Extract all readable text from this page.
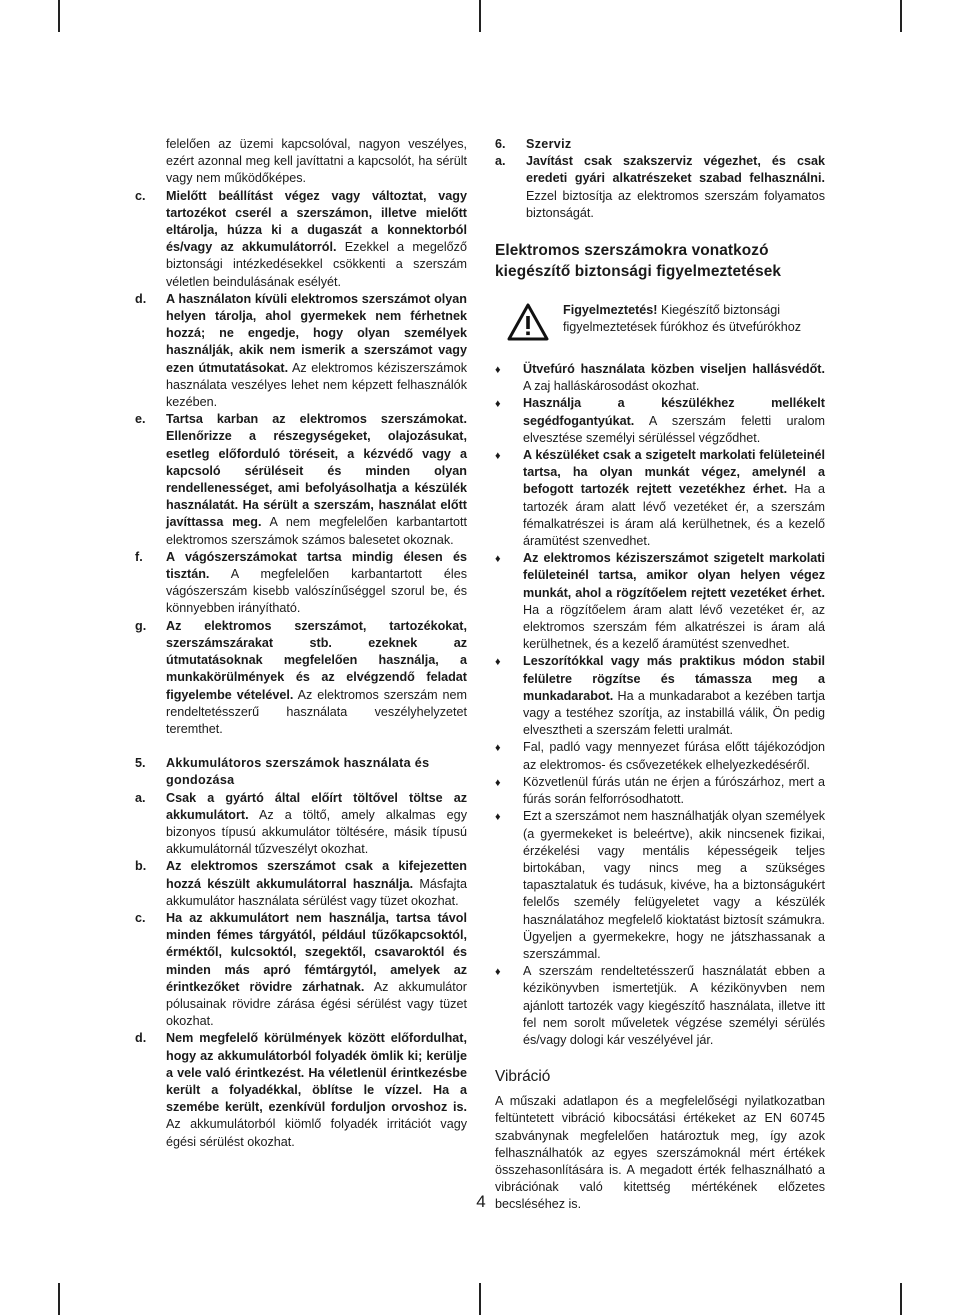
felelően az üzemi kapcsolóval, nagyon veszélyes, ezért azonnal meg kell javíttatni a kapcsolót, ha sérült vagy nem működőképes.
c.	Mielőtt beállítást végez vagy változtat, vagy tartozékot cserél a szerszámon, illetve mielőtt eltárolja, húzza ki a dugaszát a konnektorból és/vagy az akkumulátorról. Ezekkel a megelőző biztonsági intézkedésekkel csökkenti a szerszám véletlen beindulásának esélyét.
d.	A használaton kívüli elektromos szerszámot olyan helyen tárolja, ahol gyermekek nem férhetnek hozzá; ne engedje, hogy olyan személyek használják, akik nem ismerik a szerszámot vagy ezen útmutatásokat. Az elektromos kéziszerszámok használata veszélyes lehet nem képzett felhasználók kezében.
e.	Tartsa karban az elektromos szerszámokat. Ellenőrizze a részegységeket, olajozásukat, esetleg előforduló töréseit, a kézvédő vagy a kapcsoló sérüléseit és minden olyan rendellenességet, ami befolyásolhatja a készülék használatát. Ha sérült a szerszám, használat előtt javíttassa meg. A nem megfelelően karbantartott elektromos szerszámok számos balesetet okoznak.
f.	A vágószerszámokat tartsa mindig élesen és tisztán. A megfelelően karbantartott éles vágószerszám kisebb valószínűséggel szorul be, és könnyebben irányítható.
g.	Az elektromos szerszámot, tartozékokat, szerszámszárakat stb. ezeknek az útmutatásoknak megfelelően használja, a munkakörülmények és az elvégzendő feladat figyelembe vételével. Az elektromos szerszám nem rendeltetésszerű használata veszélyhelyzetet teremthet.
5.	Akkumulátoros szerszámok használata és gondozása
a.	Csak a gyártó által előírt töltővel töltse az akkumulátort. Az a töltő, amely alkalmas egy bizonyos típusú akkumulátor töltésére, másik típusú akkumulátornál tűzveszélyt okozhat.
b.	Az elektromos szerszámot csak a kifejezetten hozzá készült akkumulátorral használja. Másfajta akkumulátor használata sérülést vagy tüzet okozhat.
c.	Ha az akkumulátort nem használja, tartsa távol minden fémes tárgyától, például tűzőkapcsoktól, érméktől, kulcsoktól, szegektől, csavaroktól és minden más apró fémtárgytól, amelyek az érintkezőket rövidre zárhatnak. Az akkumulátor pólusainak rövidre zárása égési sérülést vagy tüzet okozhat.
d.	Nem megfelelő körülmények között előfordulhat, hogy az akkumulátorból folyadék ömlik ki; kerülje a vele való érintkezést. Ha véletlenül érintkezésbe került a folyadékkal, öblítse le vízzel. Ha a szemébe került, ezenkívül forduljon orvoshoz is. Az akkumulátorból kiömlő folyadék irritációt vagy égési sérülést okozhat.
6.	Szerviz
a.	Javítást csak szakszerviz végezhet, és csak eredeti gyári alkatrészeket szabad felhasználni. Ezzel biztosítja az elektromos szerszám folyamatos biztonságát.
Elektromos szerszámokra vonatkozó kiegészítő biztonsági figyelmeztetések
Figyelmeztetés! Kiegészítő biztonsági figyelmeztetések fúrókhoz és ütvefúrókhoz
♦	Ütvefúró használata közben viseljen hallásvédőt. A zaj halláskárosodást okozhat.
♦	Használja a készülékhez mellékelt segédfogantyúkat. A szerszám feletti uralom elvesztése személyi sérüléssel végződhet.
♦	A készüléket csak a szigetelt markolati felületeinél tartsa, ha olyan munkát végez, amelynél a befogott tartozék rejtett vezetékhez érhet. Ha a tartozék áram alatt lévő vezetéket ér, a szerszám fémalkatrészei is áram alá kerülhetnek, és a kezelő áramütést szenvedhet.
♦	Az elektromos kéziszerszámot szigetelt markolati felületeinél tartsa, amikor olyan helyen végez munkát, ahol a rögzítőelem rejtett vezetéket érhet. Ha a rögzítőelem áram alatt lévő vezetéket ér, az elektromos szerszám fém alkatrészei is áram alá kerülhetnek, és a kezelő áramütést szenvedhet.
♦	Leszorítókkal vagy más praktikus módon stabil felületre rögzítse és támassza meg a munkadarabot. Ha a munkadarabot a kezében tartja vagy a testéhez szorítja, az instabillá válik, Ön pedig elvesztheti a szerszám feletti uralmát.
♦	Fal, padló vagy mennyezet fúrása előtt tájékozódjon az elektromos- és csővezetékek elhelyezkedéséről.
♦	Közvetlenül fúrás után ne érjen a fúrószárhoz, mert a fúrás során felforrósodhatott.
♦	Ezt a szerszámot nem használhatják olyan személyek (a gyermekeket is beleértve), akik nincsenek fizikai, érzékelési vagy mentális képességeik teljes birtokában, vagy nincs meg a szükséges tapasztalatuk és tudásuk, kivéve, ha a biztonságukért felelős személy felügyeletet vagy a készülék használatához megfelelő kioktatást biztosít számukra. Ügyeljen a gyermekekre, hogy ne játszhassanak a szerszámmal.
♦	A szerszám rendeltetésszerű használatát ebben a kézikönyvben ismertetjük. A kézikönyvben nem ajánlott tartozék vagy kiegészítő használata, illetve itt fel nem sorolt műveletek végzése személyi sérülés és/vagy dologi kár veszélyével jár.
Vibráció
A műszaki adatlapon és a megfelelőségi nyilatkozatban feltüntetett vibráció kibocsátási értékeket az EN 60745 szabványnak megfelelően határoztuk meg, így azok felhasználhatók az egyes szerszámoknál mért értékek összehasonlítására is. A megadott érték felhasználható a vibrációnak való kitettség mértékének előzetes becsléséhez is.
4
